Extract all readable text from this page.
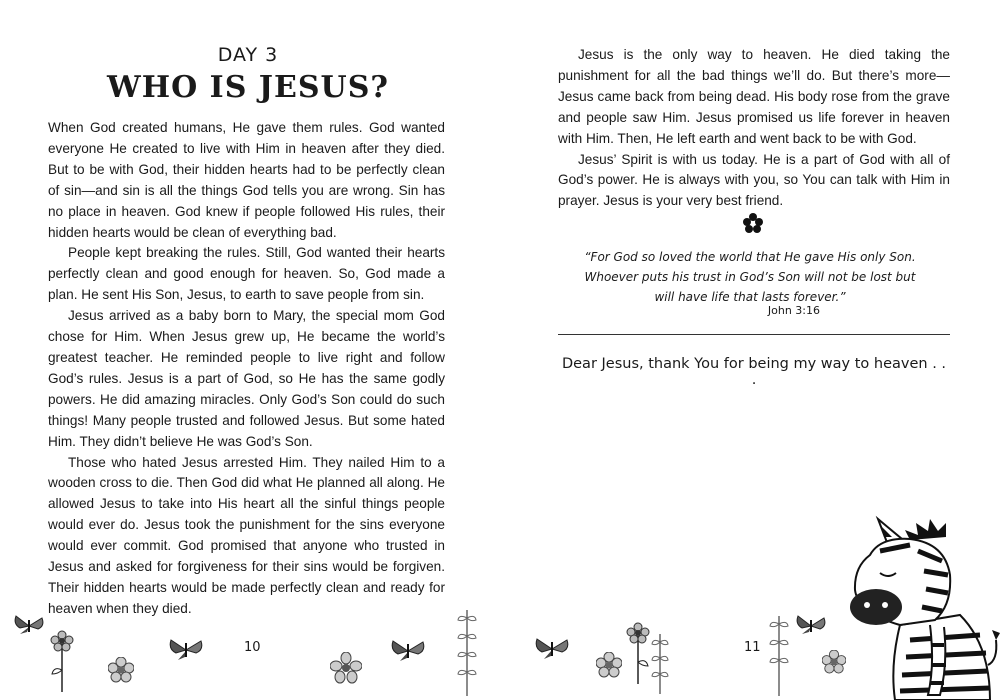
DAY 3
WHO IS JESUS?

When God created humans, He gave them rules. God wanted everyone He created to live with Him in heaven after they died. But to be with God, their hidden hearts had to be perfectly clean of sin—and sin is all the things God tells you are wrong. Sin has no place in heaven. God knew if people followed His rules, their hidden hearts would be clean of everything bad.

People kept breaking the rules. Still, God wanted their hearts perfectly clean and good enough for heaven. So, God made a plan. He sent His Son, Jesus, to earth to save people from sin.

Jesus arrived as a baby born to Mary, the special mom God chose for Him. When Jesus grew up, He became the world’s greatest teacher. He reminded people to live right and follow God’s rules. Jesus is a part of God, so He has the same godly powers. He did amazing miracles. Only God’s Son could do such things! Many people trusted and followed Jesus. But some hated Him. They didn’t believe He was God’s Son.

Those who hated Jesus arrested Him. They nailed Him to a wooden cross to die. Then God did what He planned all along. He allowed Jesus to take into His heart all the sinful things people would ever do. Jesus took the punishment for the sins everyone would ever commit. God promised that anyone who trusted in Jesus and asked for forgiveness for their sins would be forgiven. Their hidden hearts would be made perfectly clean and ready for heaven when they died.

10

Jesus is the only way to heaven. He died taking the punishment for all the bad things we’ll do. But there’s more—Jesus came back from being dead. His body rose from the grave and people saw Him. Jesus promised us life forever in heaven with Him. Then, He left earth and went back to be with God.

Jesus’ Spirit is with us today. He is a part of God with all of God’s power. He is always with you, so You can talk with Him in prayer. Jesus is your very best friend.

“For God so loved the world that He gave His only Son. Whoever puts his trust in God’s Son will not be lost but will have life that lasts forever.”
John 3:16
Dear Jesus, thank You for being my way to heaven . . .
11
